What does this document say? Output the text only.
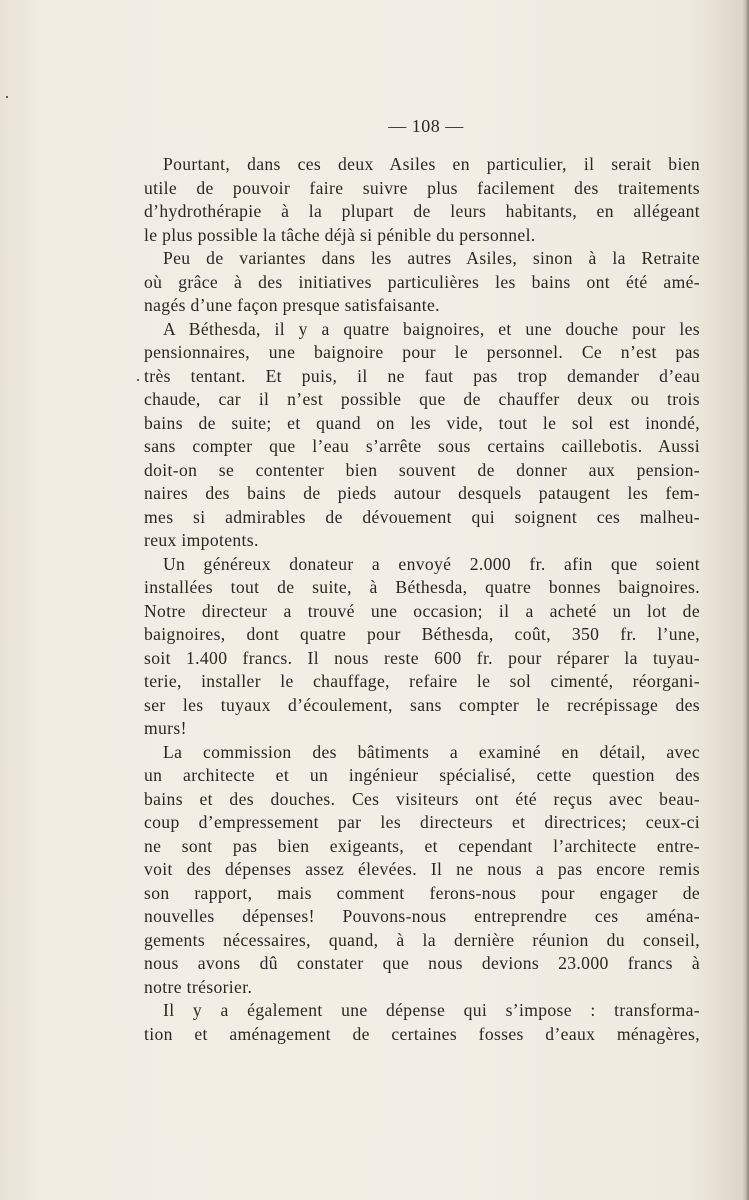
— 108 —
Pourtant, dans ces deux Asiles en particulier, il serait bien
utile de pouvoir faire suivre plus facilement des traitements
d’hydrothérapie à la plupart de leurs habitants, en allégeant
le plus possible la tâche déjà si pénible du personnel.
Peu de variantes dans les autres Asiles, sinon à la Retraite
où grâce à des initiatives particulières les bains ont été amé-
nagés d’une façon presque satisfaisante.
A Béthesda, il y a quatre baignoires, et une douche pour les
pensionnaires, une baignoire pour le personnel. Ce n’est pas
très tentant. Et puis, il ne faut pas trop demander d’eau
chaude, car il n’est possible que de chauffer deux ou trois
bains de suite; et quand on les vide, tout le sol est inondé,
sans compter que l’eau s’arrête sous certains caillebotis. Aussi
doit-on se contenter bien souvent de donner aux pension-
naires des bains de pieds autour desquels pataugent les fem-
mes si admirables de dévouement qui soignent ces malheu-
reux impotents.
Un généreux donateur a envoyé 2.000 fr. afin que soient
installées tout de suite, à Béthesda, quatre bonnes baignoires.
Notre directeur a trouvé une occasion; il a acheté un lot de
baignoires, dont quatre pour Béthesda, coût, 350 fr. l’une,
soit 1.400 francs. Il nous reste 600 fr. pour réparer la tuyau-
terie, installer le chauffage, refaire le sol cimenté, réorgani-
ser les tuyaux d’écoulement, sans compter le recrépissage des
murs!
La commission des bâtiments a examiné en détail, avec
un architecte et un ingénieur spécialisé, cette question des
bains et des douches. Ces visiteurs ont été reçus avec beau-
coup d’empressement par les directeurs et directrices; ceux-ci
ne sont pas bien exigeants, et cependant l’architecte entre-
voit des dépenses assez élevées. Il ne nous a pas encore remis
son rapport, mais comment ferons-nous pour engager de
nouvelles dépenses! Pouvons-nous entreprendre ces aména-
gements nécessaires, quand, à la dernière réunion du conseil,
nous avons dû constater que nous devions 23.000 francs à
notre trésorier.
Il y a également une dépense qui s’impose : transforma-
tion et aménagement de certaines fosses d’eaux ménagères,
